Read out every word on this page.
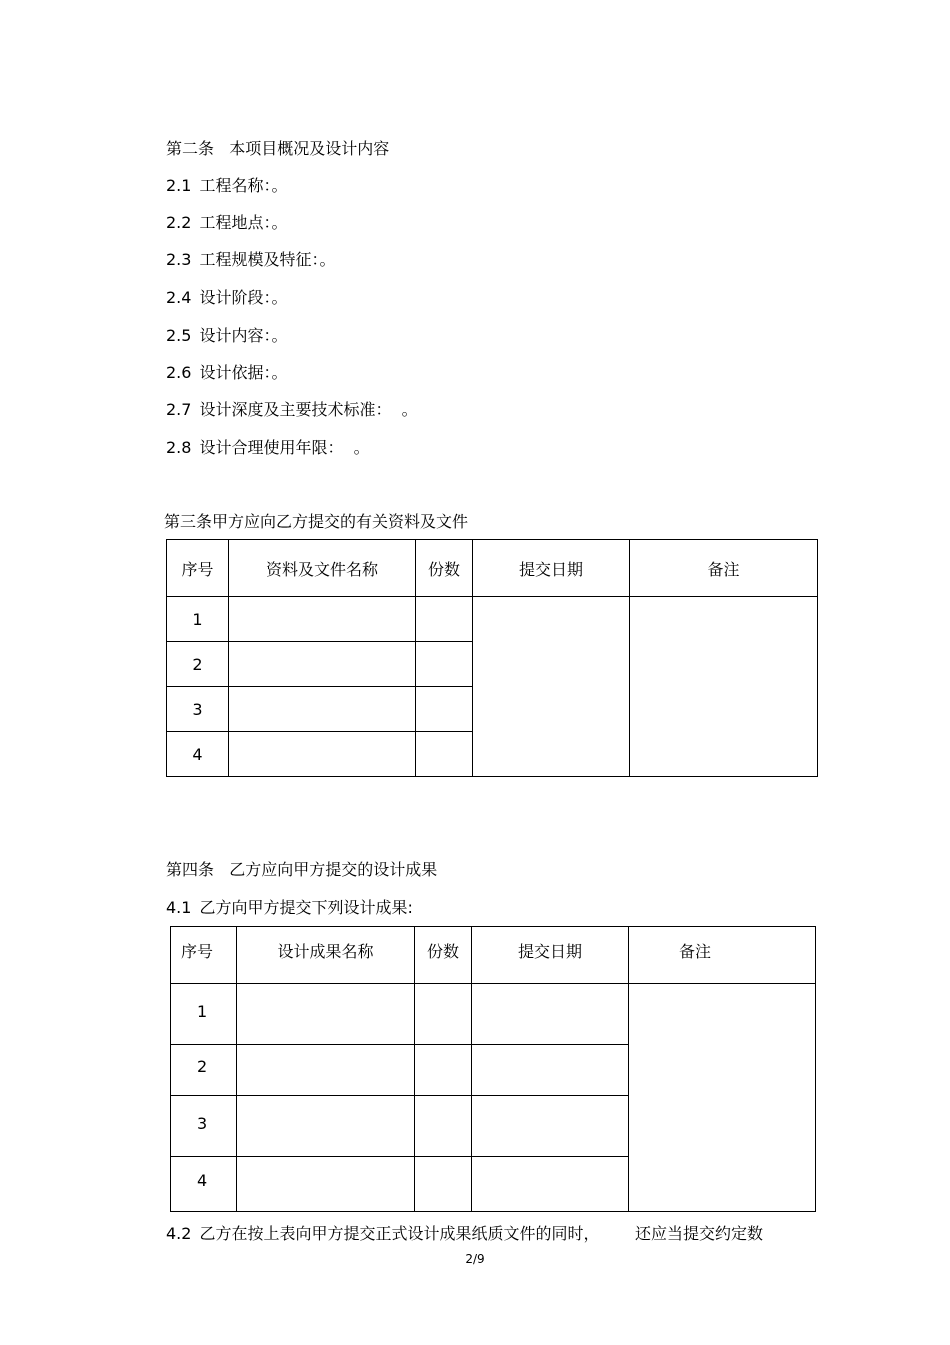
第二条   本项目概况及设计内容
2.1 工程名称：。
2.2 工程地点：。
2.3 工程规模及特征：。
2.4 设计阶段：。
2.5 设计内容：。
2.6 设计依据：。
2.7 设计深度及主要技术标准：  。
2.8 设计合理使用年限：  。
第三条甲方应向乙方提交的有关资料及文件
序号	资料及文件名称	份数	提交日期	备注
1				
2				
3				
4				
第四条   乙方应向甲方提交的设计成果
4.1 乙方向甲方提交下列设计成果:
序号	设计成果名称	份数	提交日期	备注
1				
2				
3				
4				
4.2 乙方在按上表向甲方提交正式设计成果纸质文件的同时，       还应当提交约定数
2/9
